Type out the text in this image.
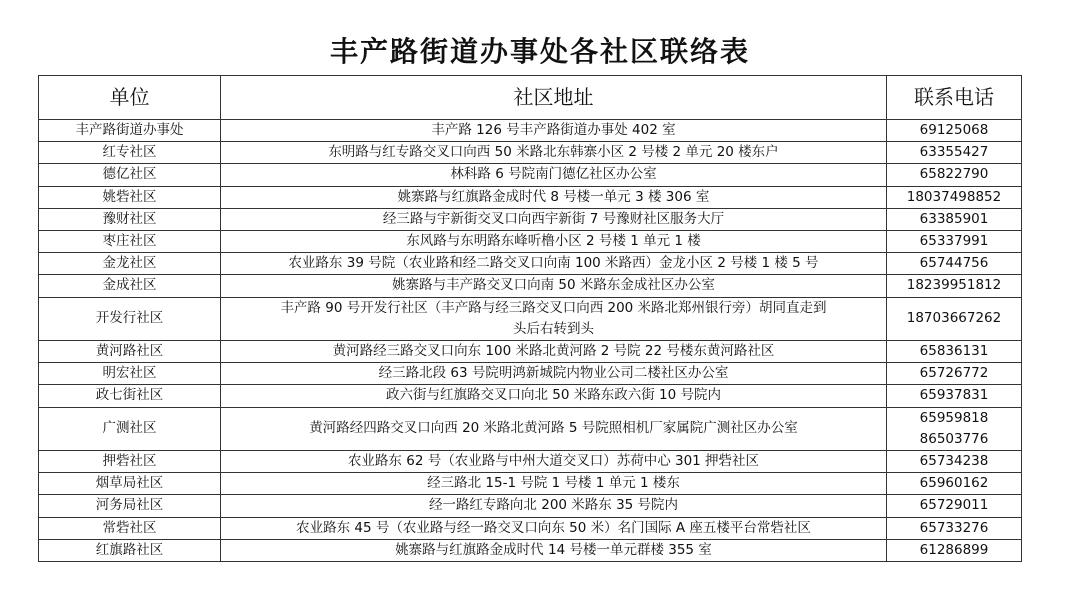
丰产路街道办事处各社区联络表
单位	社区地址	联系电话
丰产路街道办事处	丰产路 126 号丰产路街道办事处 402 室	69125068
红专社区	东明路与红专路交叉口向西 50 米路北东韩寨小区 2 号楼 2 单元 20 楼东户	63355427
德亿社区	林科路 6 号院南门德亿社区办公室	65822790
姚砦社区	姚寨路与红旗路金成时代 8 号楼一单元 3 楼 306 室	18037498852
豫财社区	经三路与宇新街交叉口向西宇新街 7 号豫财社区服务大厅	63385901
枣庄社区	东风路与东明路东峰听橹小区 2 号楼 1 单元 1 楼	65337991
金龙社区	农业路东 39 号院（农业路和经二路交叉口向南 100 米路西）金龙小区 2 号楼 1 楼 5 号	65744756
金成社区	姚寨路与丰产路交叉口向南 50 米路东金成社区办公室	18239951812
开发行社区	丰产路 90 号开发行社区（丰产路与经三路交叉口向西 200 米路北郑州银行旁）胡同直走到
头后右转到头	18703667262
黄河路社区	黄河路经三路交叉口向东 100 米路北黄河路 2 号院 22 号楼东黄河路社区	65836131
明宏社区	经三路北段 63 号院明鸿新城院内物业公司二楼社区办公室	65726772
政七街社区	政六街与红旗路交叉口向北 50 米路东政六街 10 号院内	65937831
广测社区	黄河路经四路交叉口向西 20 米路北黄河路 5 号院照相机厂家属院广测社区办公室	65959818
86503776

押砦社区	农业路东 62 号（农业路与中州大道交叉口）苏荷中心 301 押砦社区	65734238
烟草局社区	经三路北 15-1 号院 1 号楼 1 单元 1 楼东	65960162
河务局社区	经一路红专路向北 200 米路东 35 号院内	65729011
常砦社区	农业路东 45 号（农业路与经一路交叉口向东 50 米）名门国际 A 座五楼平台常砦社区	65733276
红旗路社区	姚寨路与红旗路金成时代 14 号楼一单元群楼 355 室	61286899
